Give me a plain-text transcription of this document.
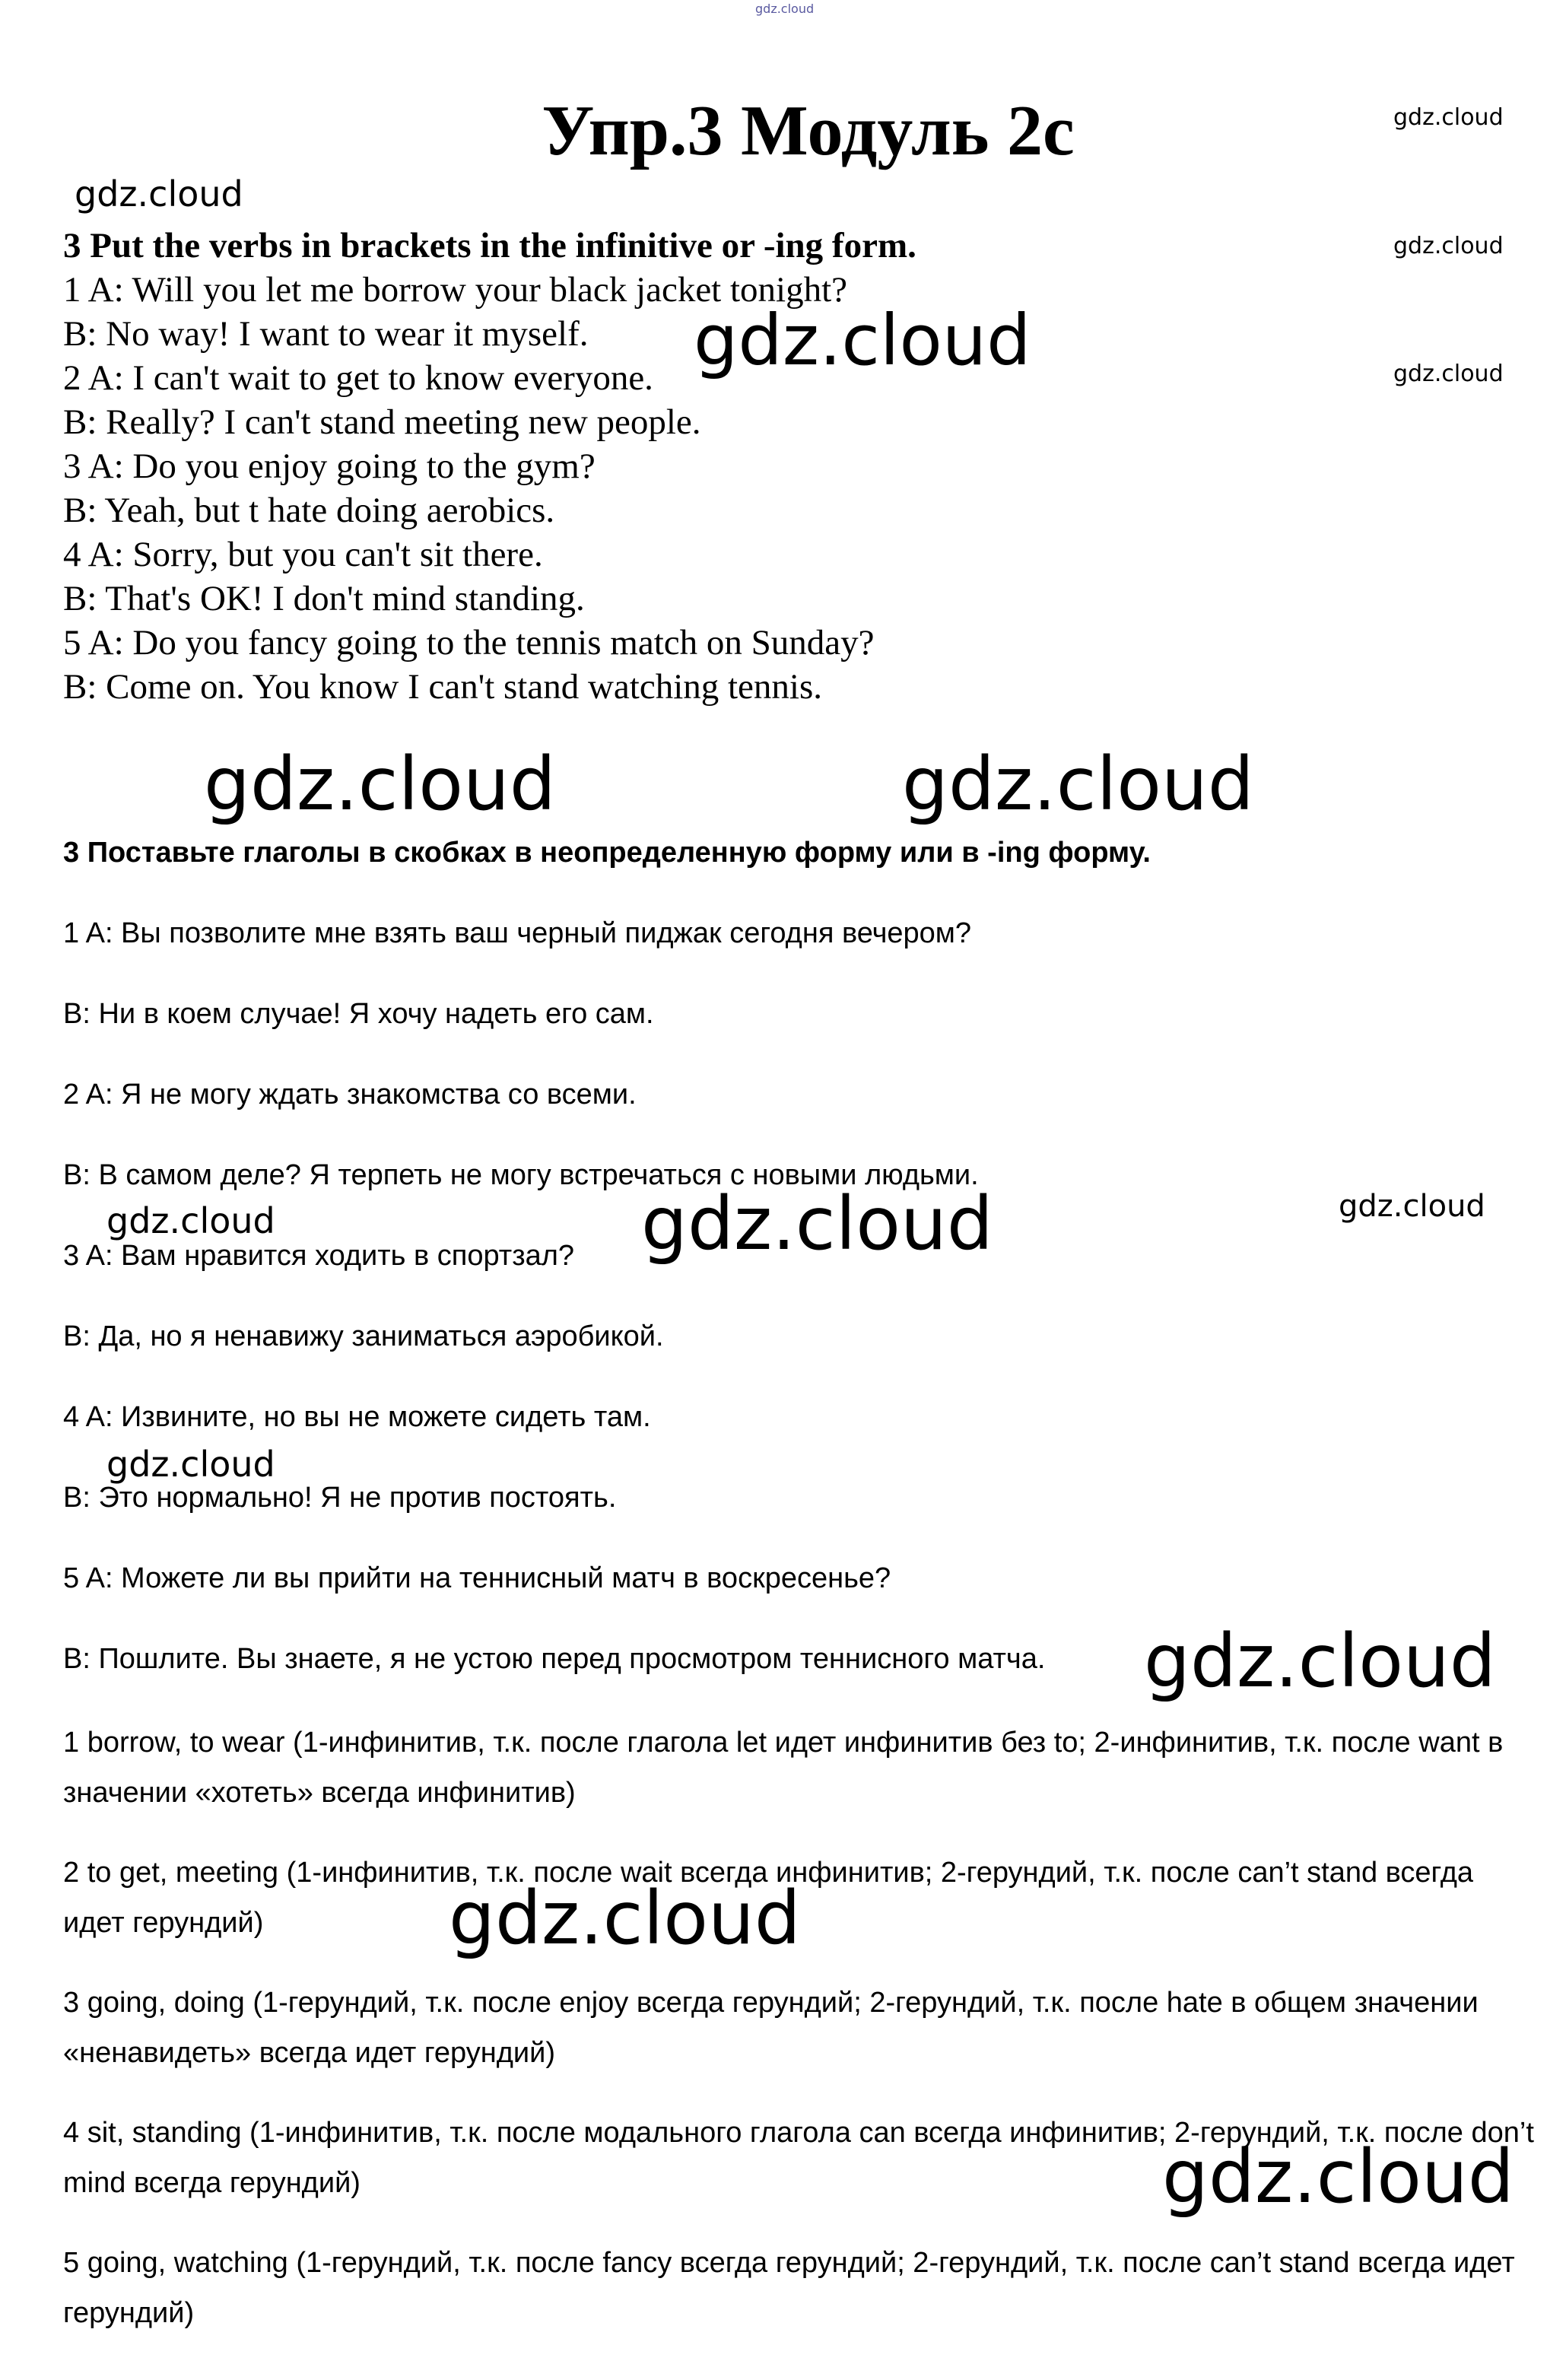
gdz.cloud
Упр.3 Модуль 2с
3 Put the verbs in brackets in the infinitive or -ing form.
1 A: Will you let me borrow your black jacket tonight?
B: No way! I want to wear it myself.
2 A: I can't wait to get to know everyone.
B: Really? I can't stand meeting new people.
3 A: Do you enjoy going to the gym?
B: Yeah, but t hate doing aerobics.
4 A: Sorry, but you can't sit there.
B: That's OK! I don't mind standing.
5 A: Do you fancy going to the tennis match on Sunday?
B: Come on. You know I can't stand watching tennis.
3 Поставьте глаголы в скобках в неопределенную форму или в -ing форму.
1 A: Вы позволите мне взять ваш черный пиджак сегодня вечером?
B: Ни в коем случае! Я хочу надеть его сам.
2 A: Я не могу ждать знакомства со всеми.
B: В самом деле? Я терпеть не могу встречаться с новыми людьми.
3 A: Вам нравится ходить в спортзал?
B: Да, но я ненавижу заниматься аэробикой.
4 A: Извините, но вы не можете сидеть там.
B: Это нормально! Я не против постоять.
5 A: Можете ли вы прийти на теннисный матч в воскресенье?
B: Пошлите. Вы знаете, я не устою перед просмотром теннисного матча.
1 borrow, to wear (1-инфинитив, т.к. после глагола let идет инфинитив без to; 2-инфинитив, т.к. после want в значении «хотеть» всегда инфинитив)
2 to get, meeting (1-инфинитив, т.к. после wait всегда инфинитив; 2-герундий, т.к. после can’t stand всегда идет герундий)
3 going, doing (1-герундий, т.к. после enjoy всегда герундий; 2-герундий, т.к. после hate в общем значении «ненавидеть» всегда идет герундий)
4 sit, standing (1-инфинитив, т.к. после модального глагола can всегда инфинитив; 2-герундий, т.к. после don’t mind всегда герундий)
5 going, watching (1-герундий, т.к. после fancy всегда герундий; 2-герундий, т.к. после can’t stand всегда идет герундий)
gdz.cloud
gdz.cloud
gdz.cloud
gdz.cloud	gdz.cloud
gdz.cloud	gdz.cloud
gdz.cloud	gdz.cloud	gdz.cloud
gdz.cloud
gdz.cloud
gdz.cloud
gdz.cloud
